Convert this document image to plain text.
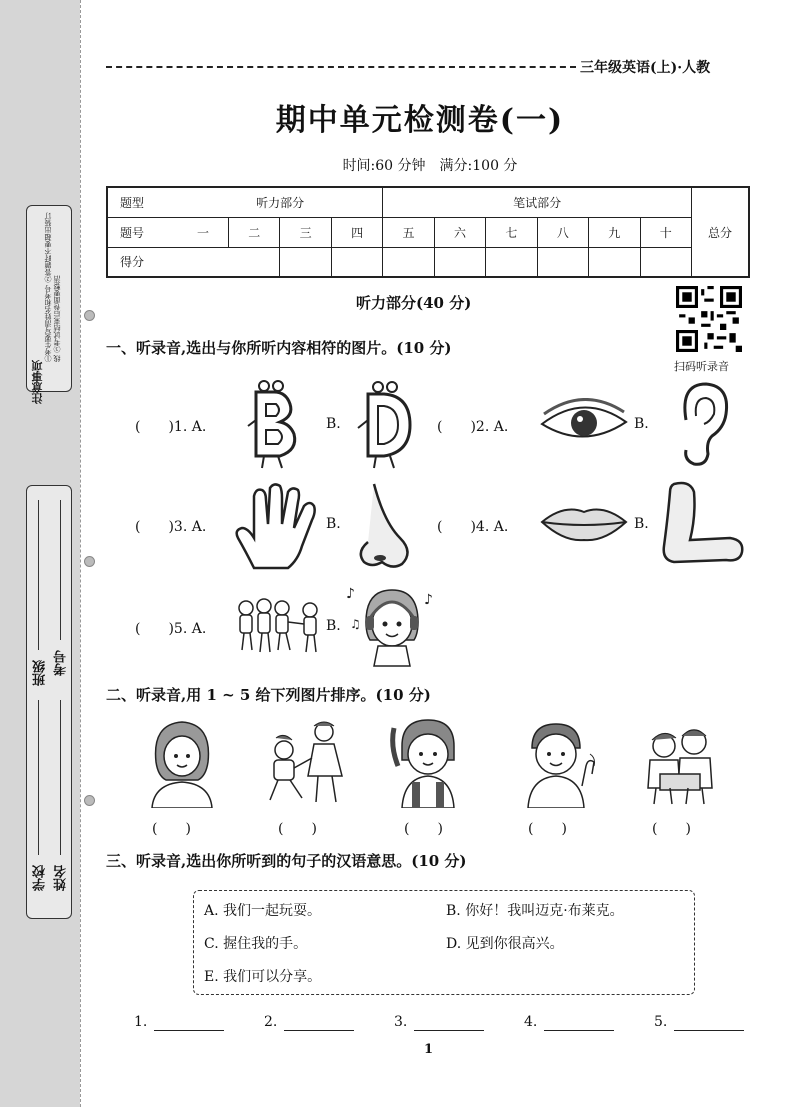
①考生要写清姓名和考号 ②答题时不要超出装订线 ③考试结束后卷面要整洁
注意事项
班级 考号
学校 姓名
三年级英语(上)·人教
期中单元检测卷(一)
时间:60 分钟　满分:100 分
题型	听力部分				笔试部分						总分
题号	一	二	三	四	五	六	七	八	九	十	
得分											
听力部分(40 分)
扫码听录音
一、听录音,选出与你所听内容相符的图片。(10 分)
(　　)1. A.	B.	(　　)2. A.	B.
(　　)3. A.	B.	(　　)4. A.	B.
(　　)5. A.	B.
♪	♪
♫
二、听录音,用 1 ~ 5 给下列图片排序。(10 分)
(　　)	(　　)	(　　)	(　　)	(　　)
三、听录音,选出你所听到的句子的汉语意思。(10 分)
A. 我们一起玩耍。	B. 你好！我叫迈克·布莱克。
C. 握住我的手。	D. 见到你很高兴。
E. 我们可以分享。
1.	2.	3.	4.	5.
1
